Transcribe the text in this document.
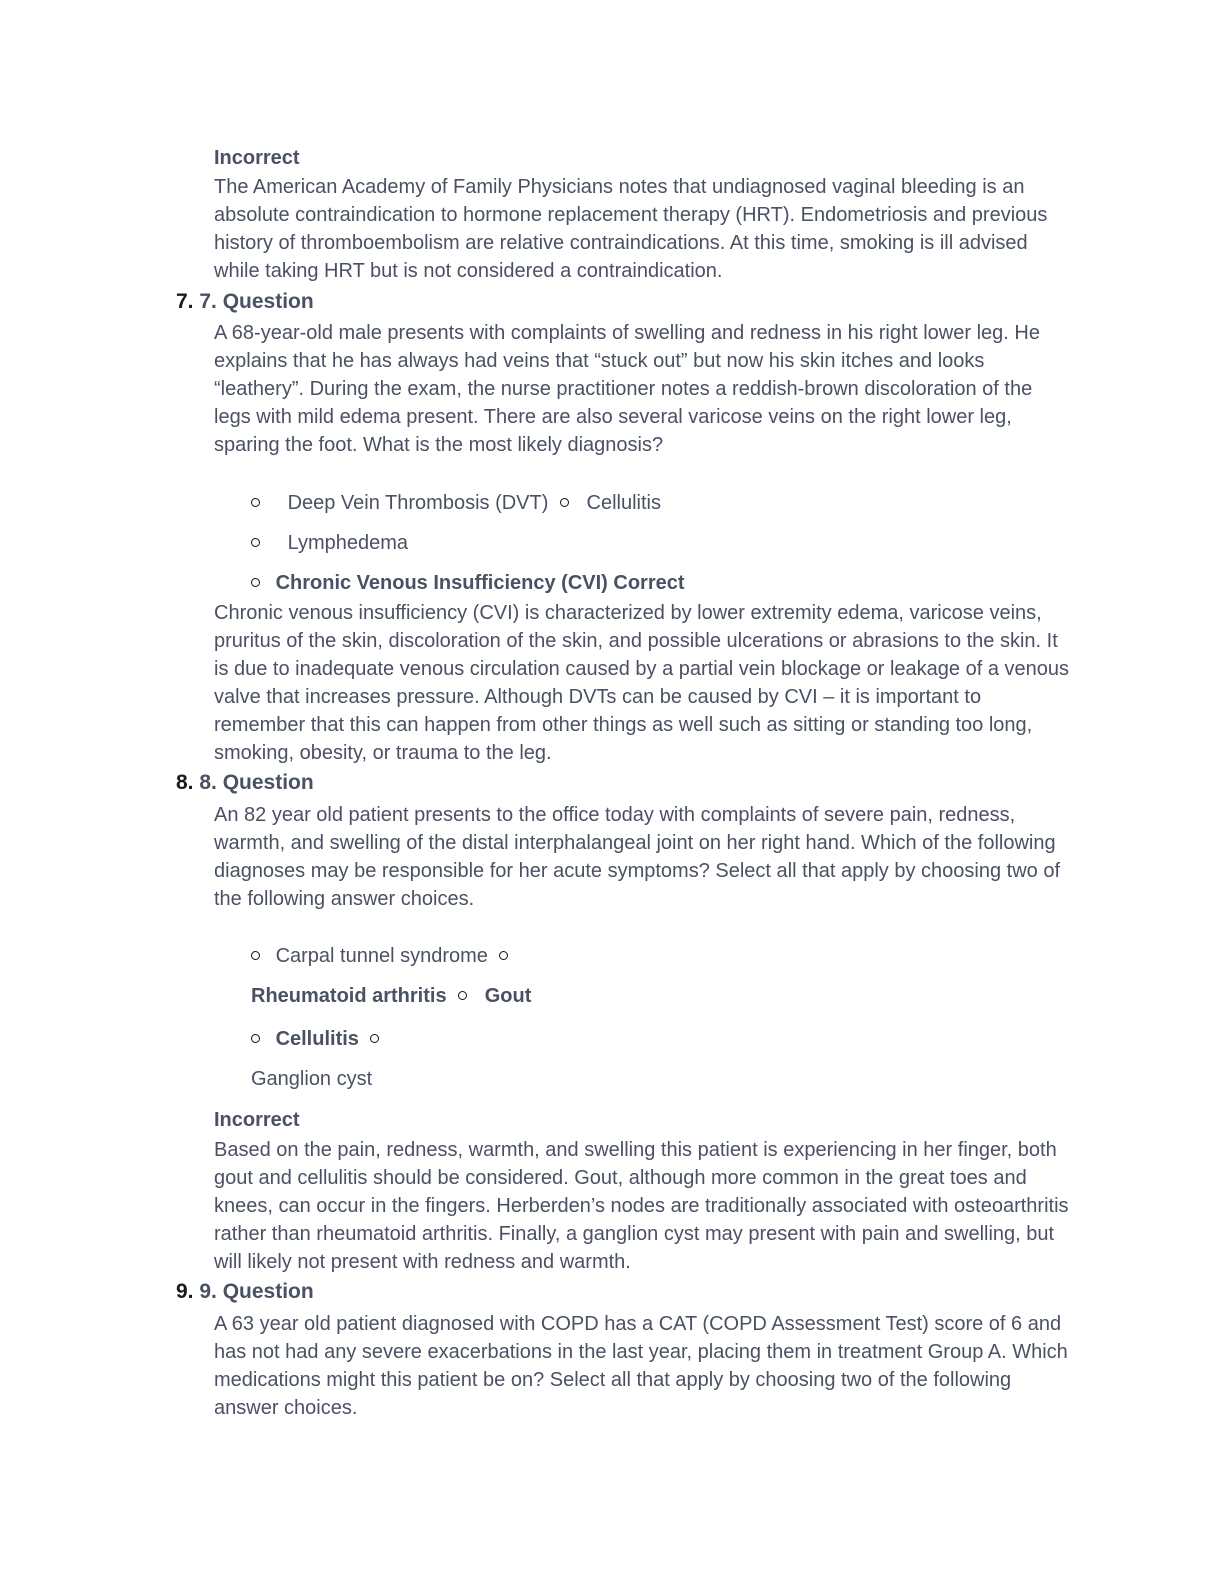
Incorrect

The American Academy of Family Physicians notes that undiagnosed vaginal bleeding is an absolute contraindication to hormone replacement therapy (HRT). Endometriosis and previous history of thromboembolism are relative contraindications. At this time, smoking is ill advised while taking HRT but is not considered a contraindication.

7. 7. Question

A 68-year-old male presents with complaints of swelling and redness in his right lower leg. He explains that he has always had veins that “stuck out” but now his skin itches and looks “leathery”. During the exam, the nurse practitioner notes a reddish-brown discoloration of the legs with mild edema present. There are also several varicose veins on the right lower leg, sparing the foot. What is the most likely diagnosis?

Deep Vein Thrombosis (DVT) Cellulitis

Lymphedema

Chronic Venous Insufficiency (CVI) Correct

Chronic venous insufficiency (CVI) is characterized by lower extremity edema, varicose veins, pruritus of the skin, discoloration of the skin, and possible ulcerations or abrasions to the skin. It is due to inadequate venous circulation caused by a partial vein blockage or leakage of a venous valve that increases pressure. Although DVTs can be caused by CVI – it is important to remember that this can happen from other things as well such as sitting or standing too long, smoking, obesity, or trauma to the leg.

8. 8. Question

An 82 year old patient presents to the office today with complaints of severe pain, redness, warmth, and swelling of the distal interphalangeal joint on her right hand. Which of the following diagnoses may be responsible for her acute symptoms? Select all that apply by choosing two of the following answer choices.

Carpal tunnel syndrome

Rheumatoid arthritis Gout

Cellulitis

Ganglion cyst

Incorrect

Based on the pain, redness, warmth, and swelling this patient is experiencing in her finger, both gout and cellulitis should be considered. Gout, although more common in the great toes and knees, can occur in the fingers. Herberden’s nodes are traditionally associated with osteoarthritis rather than rheumatoid arthritis. Finally, a ganglion cyst may present with pain and swelling, but will likely not present with redness and warmth.

9. 9. Question

A 63 year old patient diagnosed with COPD has a CAT (COPD Assessment Test) score of 6 and has not had any severe exacerbations in the last year, placing them in treatment Group A. Which medications might this patient be on? Select all that apply by choosing two of the following answer choices.
